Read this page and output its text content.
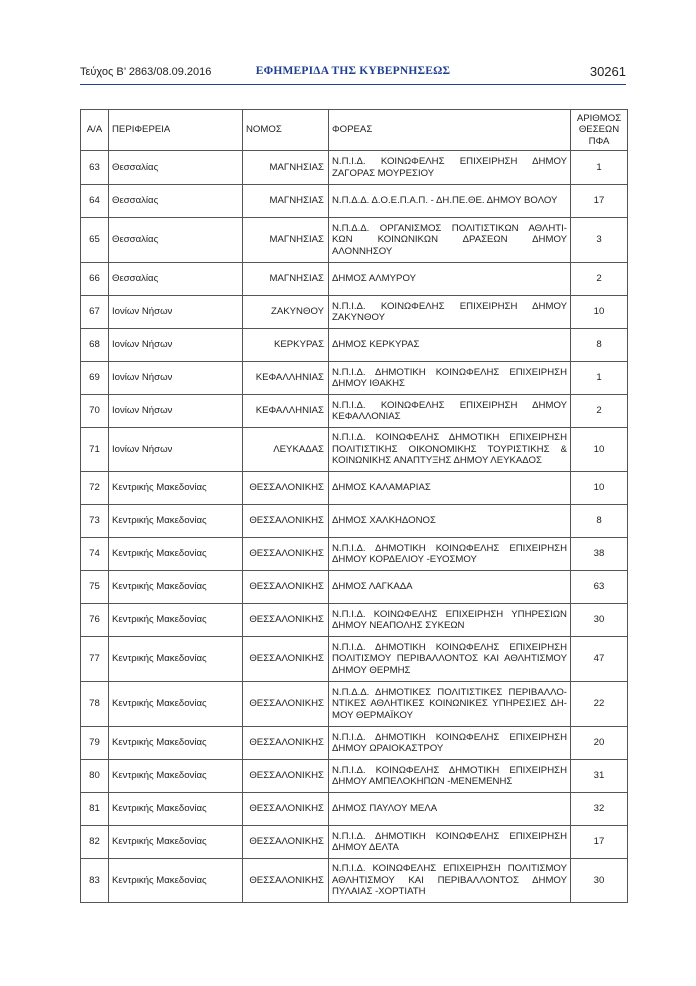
Τεύχος Β’ 2863/08.09.2016	ΕΦΗΜΕΡΙΔΑ ΤΗΣ ΚΥΒΕΡΝΗΣΕΩΣ	30261
Α/Α	ΠΕΡΙΦΕΡΕΙΑ	ΝΟΜΟΣ	ΦΟΡΕΑΣ	ΑΡΙΘΜΟΣ
ΘΕΣΕΩΝ
ΠΦΑ

63	Θεσσαλίας	ΜΑΓΝΗΣΙΑΣ	Ν.Π.Ι.Δ. ΚΟΙΝΩΦΕΛΗΣ ΕΠΙΧΕΙΡΗΣΗ ΔΗΜΟΥ
ΖΑΓΟΡΑΣ ΜΟΥΡΕΣΙΟΥ	1
64	Θεσσαλίας	ΜΑΓΝΗΣΙΑΣ	Ν.Π.Δ.Δ. Δ.Ο.Ε.Π.Α.Π. - ΔΗ.ΠΕ.ΘΕ. ΔΗΜΟΥ ΒΟΛΟΥ	17
65	Θεσσαλίας	ΜΑΓΝΗΣΙΑΣ	Ν.Π.Δ.Δ. ΟΡΓΑΝΙΣΜΟΣ ΠΟΛΙΤΙΣΤΙΚΩΝ ΑΘΛΗΤΙ-
ΚΩΝ ΚΟΙΝΩΝΙΚΩΝ ΔΡΑΣΕΩΝ ΔΗΜΟΥ
ΑΛΟΝΝΗΣΟΥ	3
66	Θεσσαλίας	ΜΑΓΝΗΣΙΑΣ	ΔΗΜΟΣ ΑΛΜΥΡΟΥ	2
67	Ιονίων Νήσων	ΖΑΚΥΝΘΟΥ	Ν.Π.Ι.Δ. ΚΟΙΝΩΦΕΛΗΣ ΕΠΙΧΕΙΡΗΣΗ ΔΗΜΟΥ
ΖΑΚΥΝΘΟΥ	10
68	Ιονίων Νήσων	ΚΕΡΚΥΡΑΣ	ΔΗΜΟΣ ΚΕΡΚΥΡΑΣ	8
69	Ιονίων Νήσων	ΚΕΦΑΛΛΗΝΙΑΣ	Ν.Π.Ι.Δ. ΔΗΜΟΤΙΚΗ ΚΟΙΝΩΦΕΛΗΣ ΕΠΙΧΕΙΡΗΣΗ
ΔΗΜΟΥ ΙΘΑΚΗΣ	1
70	Ιονίων Νήσων	ΚΕΦΑΛΛΗΝΙΑΣ	Ν.Π.Ι.Δ. ΚΟΙΝΩΦΕΛΗΣ ΕΠΙΧΕΙΡΗΣΗ ΔΗΜΟΥ
ΚΕΦΑΛΛΟΝΙΑΣ	2
71	Ιονίων Νήσων	ΛΕΥΚΑΔΑΣ	Ν.Π.Ι.Δ. ΚΟΙΝΩΦΕΛΗΣ ΔΗΜΟΤΙΚΗ ΕΠΙΧΕΙΡΗΣΗ
ΠΟΛΙΤΙΣΤΙΚΗΣ ΟΙΚΟΝΟΜΙΚΗΣ ΤΟΥΡΙΣΤΙΚΗΣ &
ΚΟΙΝΩΝΙΚΗΣ ΑΝΑΠΤΥΞΗΣ ΔΗΜΟΥ ΛΕΥΚΑΔΟΣ	10
72	Κεντρικής Μακεδονίας	ΘΕΣΣΑΛΟΝΙΚΗΣ	ΔΗΜΟΣ ΚΑΛΑΜΑΡΙΑΣ	10
73	Κεντρικής Μακεδονίας	ΘΕΣΣΑΛΟΝΙΚΗΣ	ΔΗΜΟΣ ΧΑΛΚΗΔΟΝΟΣ	8
74	Κεντρικής Μακεδονίας	ΘΕΣΣΑΛΟΝΙΚΗΣ	Ν.Π.Ι.Δ. ΔΗΜΟΤΙΚΗ ΚΟΙΝΩΦΕΛΗΣ ΕΠΙΧΕΙΡΗΣΗ
ΔΗΜΟΥ ΚΟΡΔΕΛΙΟΥ -ΕΥΟΣΜΟΥ	38
75	Κεντρικής Μακεδονίας	ΘΕΣΣΑΛΟΝΙΚΗΣ	ΔΗΜΟΣ ΛΑΓΚΑΔΑ	63
76	Κεντρικής Μακεδονίας	ΘΕΣΣΑΛΟΝΙΚΗΣ	Ν.Π.Ι.Δ. ΚΟΙΝΩΦΕΛΗΣ ΕΠΙΧΕΙΡΗΣΗ ΥΠΗΡΕΣΙΩΝ
ΔΗΜΟΥ ΝΕΑΠΟΛΗΣ ΣΥΚΕΩΝ	30
77	Κεντρικής Μακεδονίας	ΘΕΣΣΑΛΟΝΙΚΗΣ	Ν.Π.Ι.Δ. ΔΗΜΟΤΙΚΗ ΚΟΙΝΩΦΕΛΗΣ ΕΠΙΧΕΙΡΗΣΗ
ΠΟΛΙΤΙΣΜΟΥ ΠΕΡΙΒΑΛΛΟΝΤΟΣ ΚΑΙ ΑΘΛΗΤΙΣΜΟΥ
ΔΗΜΟΥ ΘΕΡΜΗΣ	47
78	Κεντρικής Μακεδονίας	ΘΕΣΣΑΛΟΝΙΚΗΣ	Ν.Π.Δ.Δ. ΔΗΜΟΤΙΚΕΣ ΠΟΛΙΤΙΣΤΙΚΕΣ ΠΕΡΙΒΑΛΛΟ-
ΝΤΙΚΕΣ ΑΘΛΗΤΙΚΕΣ ΚΟΙΝΩΝΙΚΕΣ ΥΠΗΡΕΣΙΕΣ ΔΗ-
ΜΟΥ ΘΕΡΜΑΪΚΟΥ	22
79	Κεντρικής Μακεδονίας	ΘΕΣΣΑΛΟΝΙΚΗΣ	Ν.Π.Ι.Δ. ΔΗΜΟΤΙΚΗ ΚΟΙΝΩΦΕΛΗΣ ΕΠΙΧΕΙΡΗΣΗ
ΔΗΜΟΥ ΩΡΑΙΟΚΑΣΤΡΟΥ	20
80	Κεντρικής Μακεδονίας	ΘΕΣΣΑΛΟΝΙΚΗΣ	Ν.Π.Ι.Δ. ΚΟΙΝΩΦΕΛΗΣ ΔΗΜΟΤΙΚΗ ΕΠΙΧΕΙΡΗΣΗ
ΔΗΜΟΥ ΑΜΠΕΛΟΚΗΠΩΝ -ΜΕΝΕΜΕΝΗΣ	31
81	Κεντρικής Μακεδονίας	ΘΕΣΣΑΛΟΝΙΚΗΣ	ΔΗΜΟΣ ΠΑΥΛΟΥ ΜΕΛΑ	32
82	Κεντρικής Μακεδονίας	ΘΕΣΣΑΛΟΝΙΚΗΣ	Ν.Π.Ι.Δ. ΔΗΜΟΤΙΚΗ ΚΟΙΝΩΦΕΛΗΣ ΕΠΙΧΕΙΡΗΣΗ
ΔΗΜΟΥ ΔΕΛΤΑ	17
83	Κεντρικής Μακεδονίας	ΘΕΣΣΑΛΟΝΙΚΗΣ	Ν.Π.Ι.Δ. ΚΟΙΝΩΦΕΛΗΣ ΕΠΙΧΕΙΡΗΣΗ ΠΟΛΙΤΙΣΜΟΥ
ΑΘΛΗΤΙΣΜΟΥ ΚΑΙ ΠΕΡΙΒΑΛΛΟΝΤΟΣ ΔΗΜΟΥ
ΠΥΛΑΙΑΣ -ΧΟΡΤΙΑΤΗ	30
